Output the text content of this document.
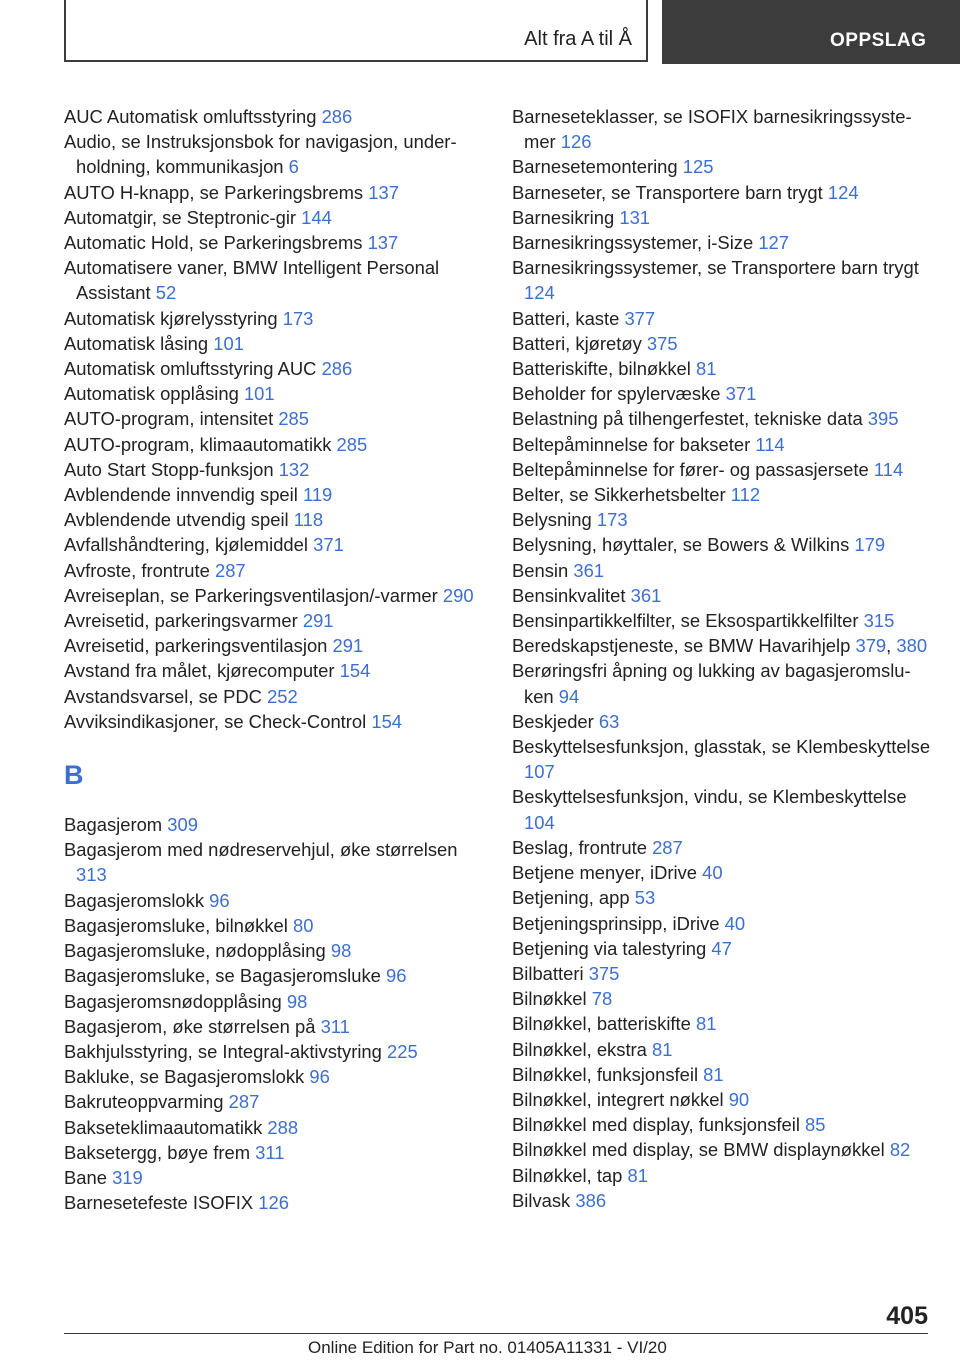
Alt fra A til Å	OPPSLAG
AUC Automatisk omluftsstyring 286
Audio, se Instruksjonsbok for navigasjon, underholdning, kommunikasjon 6
AUTO H-knapp, se Parkeringsbrems 137
Automatgir, se Steptronic-gir 144
Automatic Hold, se Parkeringsbrems 137
Automatisere vaner, BMW Intelligent Personal Assistant 52
Automatisk kjørelysstyring 173
Automatisk låsing 101
Automatisk omluftsstyring AUC 286
Automatisk opplåsing 101
AUTO-program, intensitet 285
AUTO-program, klimaautomatikk 285
Auto Start Stopp-funksjon 132
Avblendende innvendig speil 119
Avblendende utvendig speil 118
Avfallshåndtering, kjølemiddel 371
Avfroste, frontrute 287
Avreiseplan, se Parkeringsventilasjon/-varmer 290
Avreisetid, parkeringsvarmer 291
Avreisetid, parkeringsventilasjon 291
Avstand fra målet, kjørecomputer 154
Avstandsvarsel, se PDC 252
Avviksindikasjoner, se Check-Control 154
B
Bagasjerom 309
Bagasjerom med nødreservehjul, øke størrelsen 313
Bagasjeromslokk 96
Bagasjeromsluke, bilnøkkel 80
Bagasjeromsluke, nødopplåsing 98
Bagasjeromsluke, se Bagasjeromsluke 96
Bagasjeromsnødopplåsing 98
Bagasjerom, øke størrelsen på 311
Bakhjulsstyring, se Integral-aktivstyring 225
Bakluke, se Bagasjeromslokk 96
Bakruteoppvarming 287
Bakseteklimaautomatikk 288
Baksetergg, bøye frem 311
Bane 319
Barnesetefeste ISOFIX 126
Barneseteklasser, se ISOFIX barnesikringssystemer 126
Barnesetemontering 125
Barneseter, se Transportere barn trygt 124
Barnesikring 131
Barnesikringssystemer, i-Size 127
Barnesikringssystemer, se Transportere barn trygt 124
Batteri, kaste 377
Batteri, kjøretøy 375
Batteriskifte, bilnøkkel 81
Beholder for spylervæske 371
Belastning på tilhengerfestet, tekniske data 395
Beltepåminnelse for bakseter 114
Beltepåminnelse for fører- og passasjersete 114
Belter, se Sikkerhetsbelter 112
Belysning 173
Belysning, høyttaler, se Bowers & Wilkins 179
Bensin 361
Bensinkvalitet 361
Bensinpartikkelfilter, se Eksospartikkelfilter 315
Beredskapstjeneste, se BMW Havarihjelp 379, 380
Berøringsfri åpning og lukking av bagasjeromsluken 94
Beskjeder 63
Beskyttelsesfunksjon, glasstak, se Klembeskyttelse 107
Beskyttelsesfunksjon, vindu, se Klembeskyttelse 104
Beslag, frontrute 287
Betjene menyer, iDrive 40
Betjening, app 53
Betjeningsprinsipp, iDrive 40
Betjening via talestyring 47
Bilbatteri 375
Bilnøkkel 78
Bilnøkkel, batteriskifte 81
Bilnøkkel, ekstra 81
Bilnøkkel, funksjonsfeil 81
Bilnøkkel, integrert nøkkel 90
Bilnøkkel med display, funksjonsfeil 85
Bilnøkkel med display, se BMW displaynøkkel 82
Bilnøkkel, tap 81
Bilvask 386
405
Online Edition for Part no. 01405A11331 - VI/20
